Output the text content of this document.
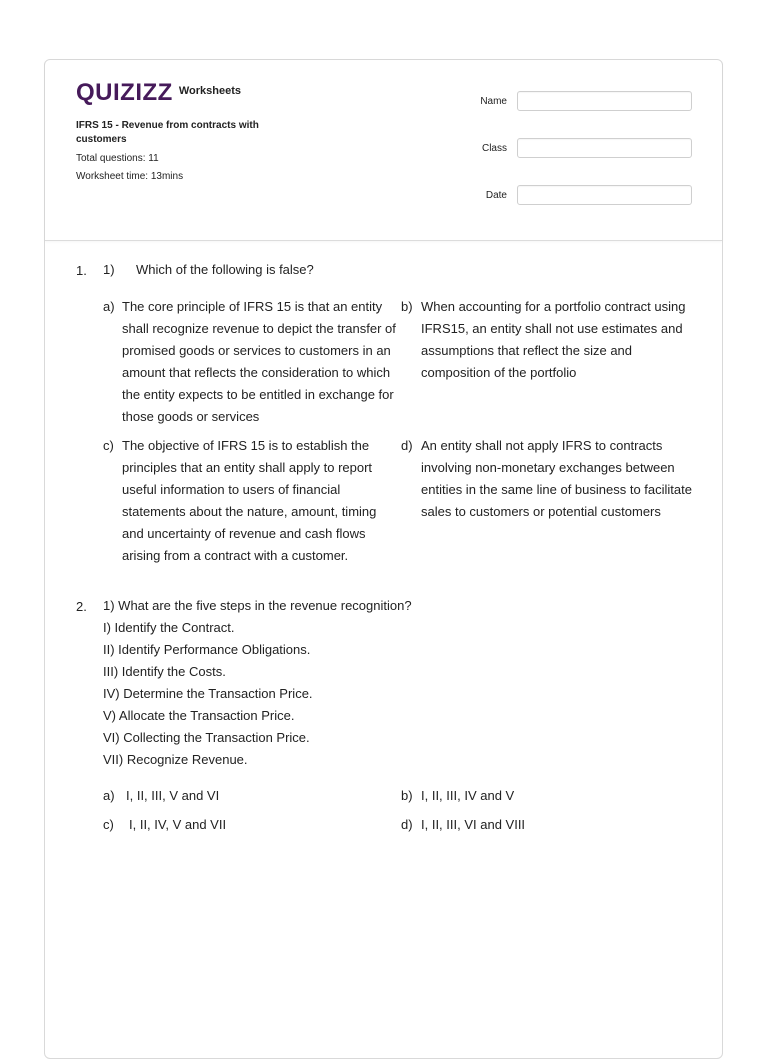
QUIZIZZ Worksheets
IFRS 15 - Revenue from contracts with customers
Total questions: 11
Worksheet time: 13mins
Name
Class
Date
1. 1) Which of the following is false?
a) The core principle of IFRS 15 is that an entity shall recognize revenue to depict the transfer of promised goods or services to customers in an amount that reflects the consideration to which the entity expects to be entitled in exchange for those goods or services
b) When accounting for a portfolio contract using IFRS15, an entity shall not use estimates and assumptions that reflect the size and composition of the portfolio
c) The objective of IFRS 15 is to establish the principles that an entity shall apply to report useful information to users of financial statements about the nature, amount, timing and uncertainty of revenue and cash flows arising from a contract with a customer.
d) An entity shall not apply IFRS to contracts involving non-monetary exchanges between entities in the same line of business to facilitate sales to customers or potential customers
2. 1) What are the five steps in the revenue recognition?
I) Identify the Contract.
II) Identify Performance Obligations.
III) Identify the Costs.
IV) Determine the Transaction Price.
V) Allocate the Transaction Price.
VI) Collecting the Transaction Price.
VII) Recognize Revenue.
a) I, II, III, V and VI	b) I, II, III, IV and V
c) I, II, IV, V and VII	d) I, II, III, VI and VIII
